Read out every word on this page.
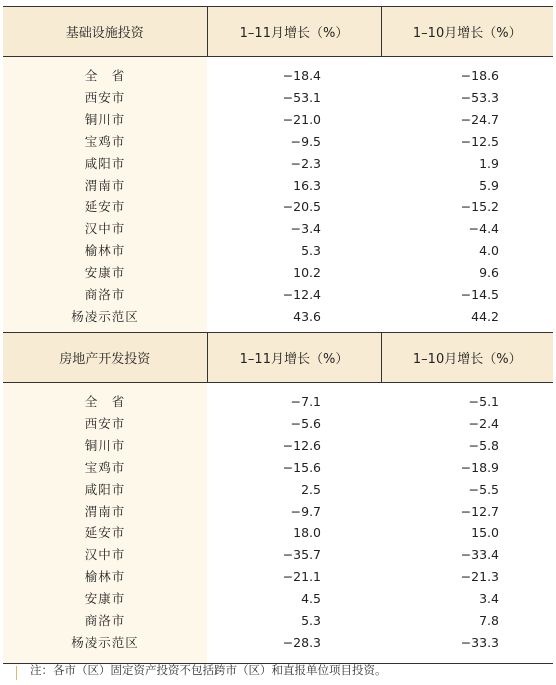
基础设施投资	1–11月增长（%）	1–10月增长（%）

全　省	−18.4	−18.6
西安市	−53.1	−53.3
铜川市	−21.0	−24.7
宝鸡市	−9.5	−12.5
咸阳市	−2.3	1.9
渭南市	16.3	5.9
延安市	−20.5	−15.2
汉中市	−3.4	−4.4
榆林市	5.3	4.0
安康市	10.2	9.6
商洛市	−12.4	−14.5
杨凌示范区	43.6	44.2

房地产开发投资	1–11月增长（%）	1–10月增长（%）

全　省	−7.1	−5.1
西安市	−5.6	−2.4
铜川市	−12.6	−5.8
宝鸡市	−15.6	−18.9
咸阳市	2.5	−5.5
渭南市	−9.7	−12.7
延安市	18.0	15.0
汉中市	−35.7	−33.4
榆林市	−21.1	−21.3
安康市	4.5	3.4
商洛市	5.3	7.8
杨凌示范区	−28.3	−33.3

注：各市（区）固定资产投资不包括跨市（区）和直报单位项目投资。
